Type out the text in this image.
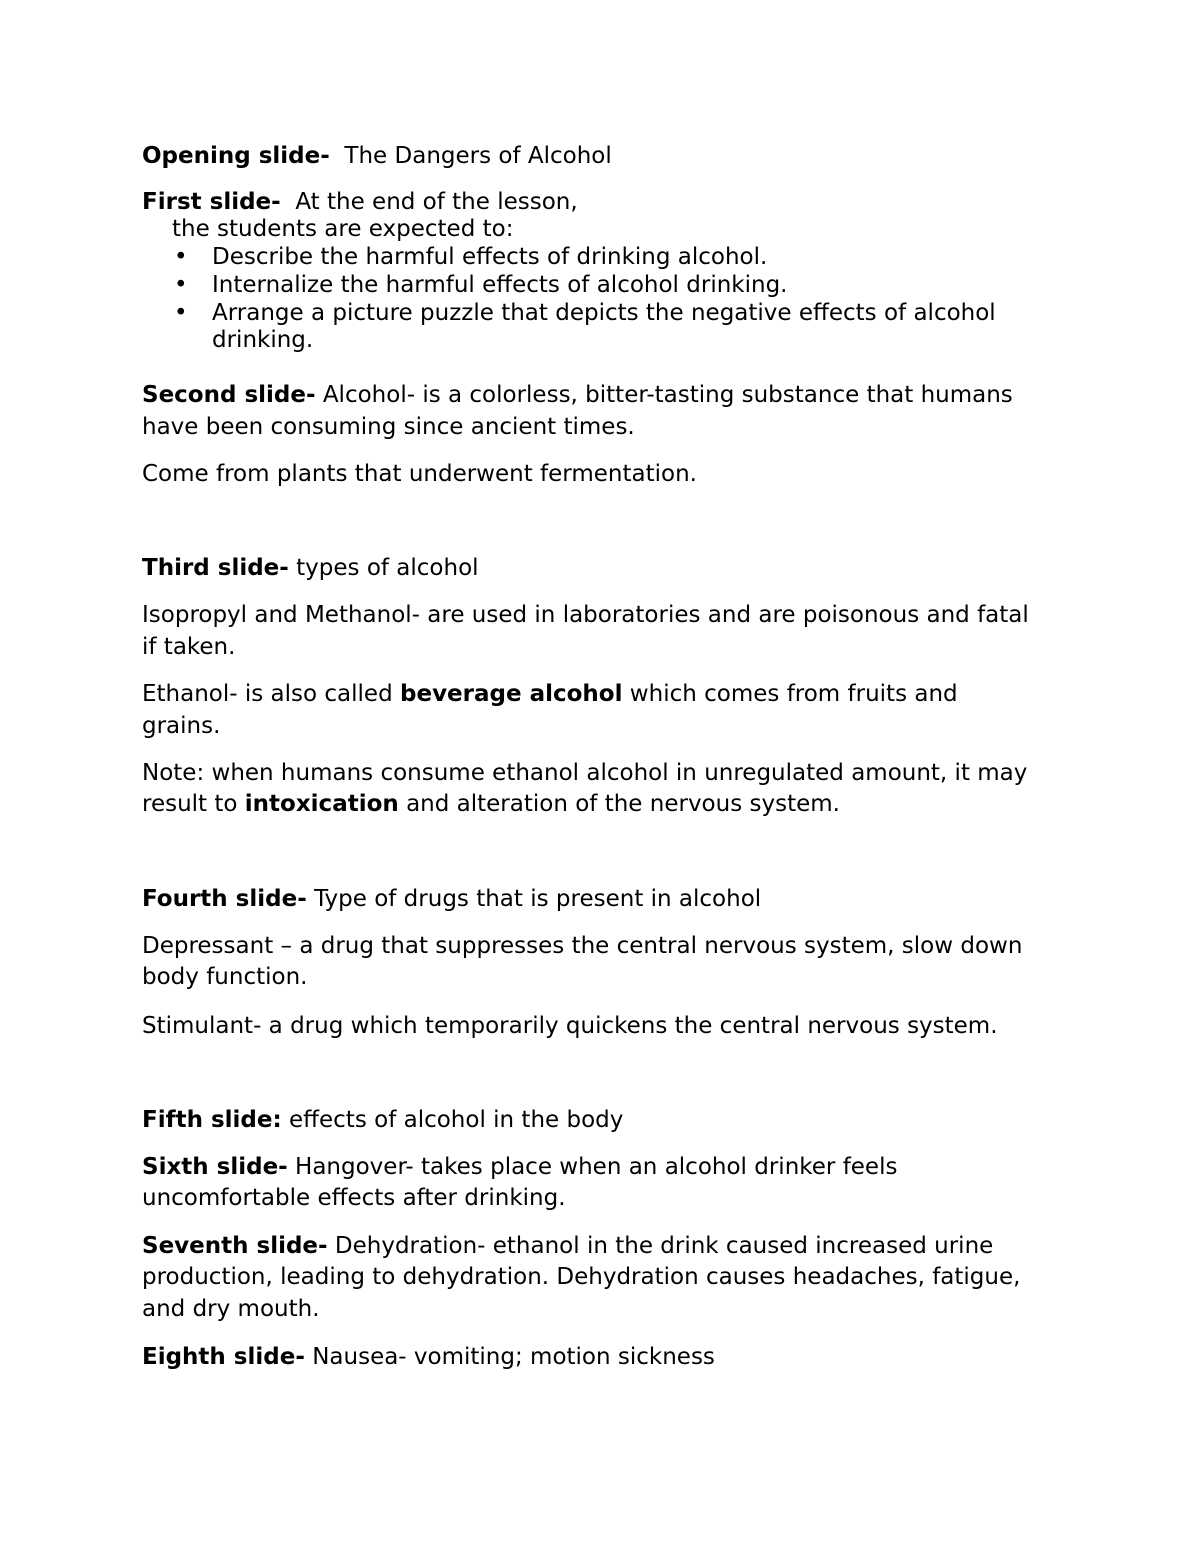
Opening slide- The Dangers of Alcohol
First slide- At the end of the lesson,
the students are expected to:
• Describe the harmful effects of drinking alcohol.
• Internalize the harmful effects of alcohol drinking.
• Arrange a picture puzzle that depicts the negative effects of alcohol
drinking.
Second slide- Alcohol- is a colorless, bitter-tasting substance that humans
have been consuming since ancient times.
Come from plants that underwent fermentation.
Third slide- types of alcohol
Isopropyl and Methanol- are used in laboratories and are poisonous and fatal
if taken.
Ethanol- is also called beverage alcohol which comes from fruits and
grains.
Note: when humans consume ethanol alcohol in unregulated amount, it may
result to intoxication and alteration of the nervous system.
Fourth slide- Type of drugs that is present in alcohol
Depressant – a drug that suppresses the central nervous system, slow down
body function.
Stimulant- a drug which temporarily quickens the central nervous system.
Fifth slide: effects of alcohol in the body
Sixth slide- Hangover- takes place when an alcohol drinker feels
uncomfortable effects after drinking.
Seventh slide- Dehydration- ethanol in the drink caused increased urine
production, leading to dehydration. Dehydration causes headaches, fatigue,
and dry mouth.
Eighth slide- Nausea- vomiting; motion sickness
